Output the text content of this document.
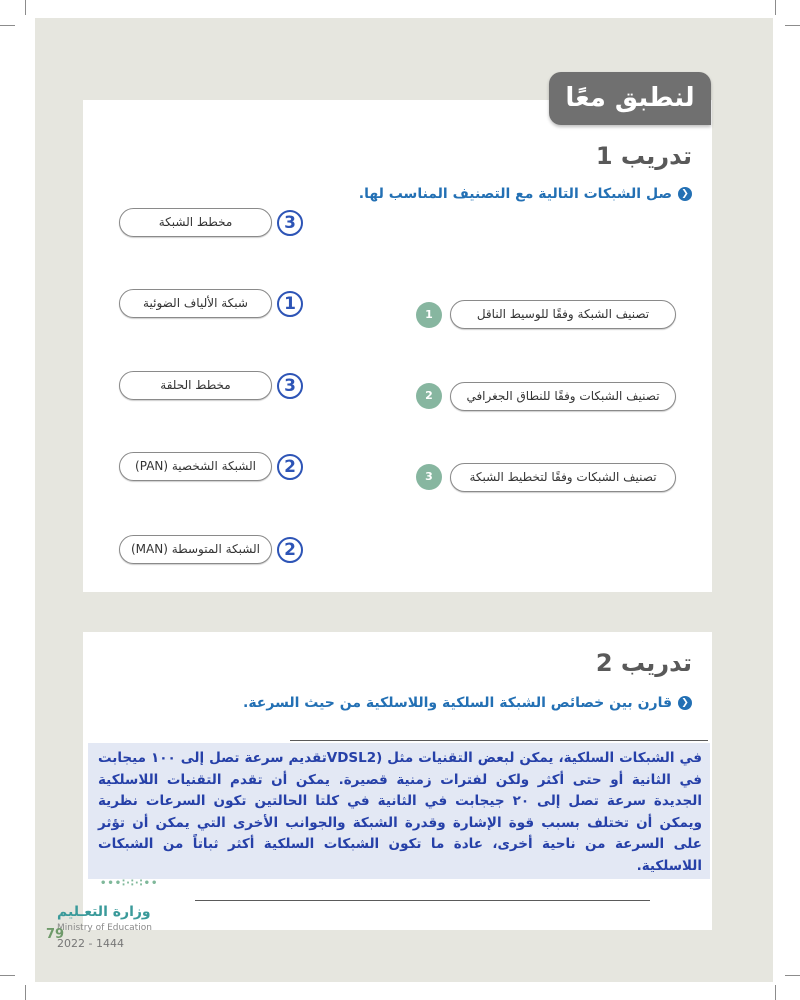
لنطبق معًا
تدريب 1
❮
صل الشبكات التالية مع التصنيف المناسب لها.
مخطط الشبكة	3
شبكة الألياف الضوئية	1
مخطط الحلقة	3
الشبكة الشخصية (PAN)	2
الشبكة المتوسطة (MAN)	2
تصنيف الشبكة وفقًا للوسيط الناقل
1
تصنيف الشبكات وفقًا للنطاق الجغرافي
2
تصنيف الشبكات وفقًا لتخطيط الشبكة
3
تدريب 2
❮
قارن بين خصائص الشبكة السلكية واللاسلكية من حيث السرعة.
في الشبكات السلكية، يمكن لبعض التقنيات مثل (VDSL2تقديم سرعة تصل إلى ١٠٠ ميجابت في الثانية أو حتى أكثر ولكن لفترات زمنية قصيرة. يمكن أن تقدم التقنيات اللاسلكية الجديدة سرعة تصل إلى ٢٠ جيجابت في الثانية في كلتا الحالتين تكون السرعات نظرية ويمكن أن تختلف بسبب قوة الإشارة وقدرة الشبكة والجوانب الأخرى التي يمكن أن تؤثر على السرعة من ناحية أخرى، عادة ما تكون الشبكات السلكية أكثر ثباتاً من الشبكات اللاسلكية.
•••∶⋅∶⋅∶••
وزارة التعـليم
Ministry of Education
79
2022 - 1444
